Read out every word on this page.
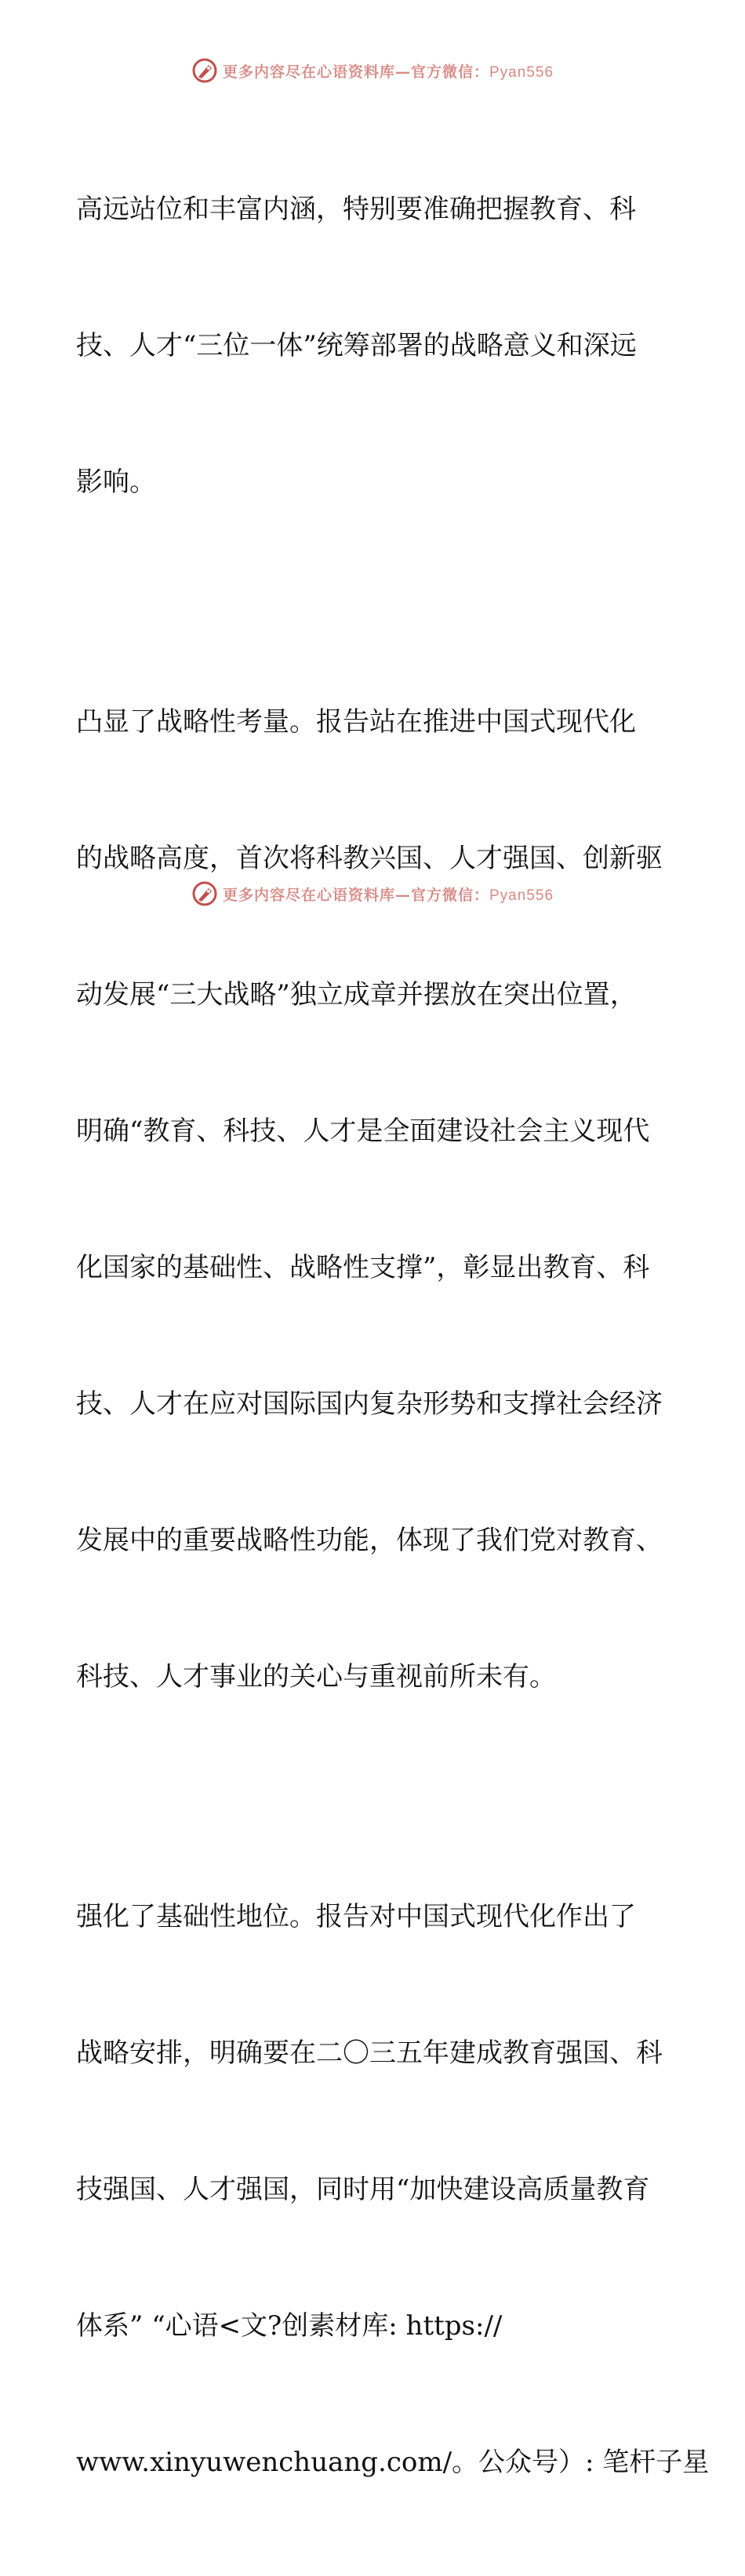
更多内容尽在心语资料库—官方微信：Pyan556

高远站位和丰富内涵，特别要准确把握教育、科

技、人才“三位一体”统筹部署的战略意义和深远

影响。

凸显了战略性考量。报告站在推进中国式现代化

的战略高度，首次将科教兴国、人才强国、创新驱

动发展“三大战略”独立成章并摆放在突出位置，

明确“教育、科技、人才是全面建设社会主义现代

化国家的基础性、战略性支撑”，彰显出教育、科

技、人才在应对国际国内复杂形势和支撑社会经济

发展中的重要战略性功能，体现了我们党对教育、

科技、人才事业的关心与重视前所未有。

强化了基础性地位。报告对中国式现代化作出了

战略安排，明确要在二〇三五年建成教育强国、科

技强国、人才强国，同时用“加快建设高质量教育

体系” “心语<文?创素材库: https://

www.xinyuwenchuang.com/。公众号）: 笔杆子星

更多内容尽在心语资料库—官方微信：Pyan556
